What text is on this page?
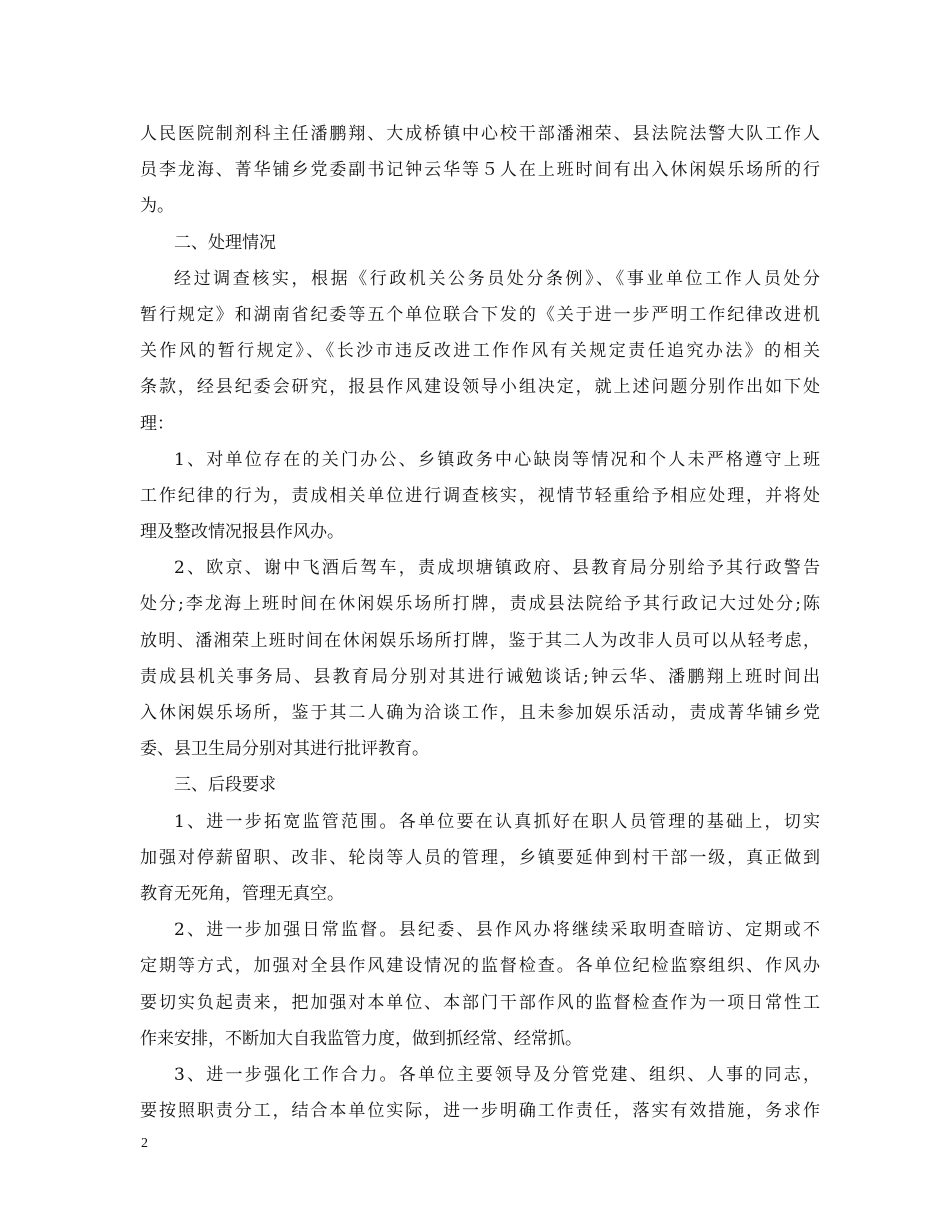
人民医院制剂科主任潘鹏翔、大成桥镇中心校干部潘湘荣、县法院法警大队工作人
员李龙海、菁华铺乡党委副书记钟云华等５人在上班时间有出入休闲娱乐场所的行
为。
二、处理情况
经过调查核实，根据《行政机关公务员处分条例》、《事业单位工作人员处分
暂行规定》和湖南省纪委等五个单位联合下发的《关于进一步严明工作纪律改进机
关作风的暂行规定》、《长沙市违反改进工作作风有关规定责任追究办法》的相关
条款，经县纪委会研究，报县作风建设领导小组决定，就上述问题分别作出如下处
理：
1、对单位存在的关门办公、乡镇政务中心缺岗等情况和个人未严格遵守上班
工作纪律的行为，责成相关单位进行调查核实，视情节轻重给予相应处理，并将处
理及整改情况报县作风办。
2、欧京、谢中飞酒后驾车，责成坝塘镇政府、县教育局分别给予其行政警告
处分;李龙海上班时间在休闲娱乐场所打牌，责成县法院给予其行政记大过处分;陈
放明、潘湘荣上班时间在休闲娱乐场所打牌，鉴于其二人为改非人员可以从轻考虑，
责成县机关事务局、县教育局分别对其进行诫勉谈话;钟云华、潘鹏翔上班时间出
入休闲娱乐场所，鉴于其二人确为洽谈工作，且未参加娱乐活动，责成菁华铺乡党
委、县卫生局分别对其进行批评教育。
三、后段要求
1、进一步拓宽监管范围。各单位要在认真抓好在职人员管理的基础上，切实
加强对停薪留职、改非、轮岗等人员的管理，乡镇要延伸到村干部一级，真正做到
教育无死角，管理无真空。
2、进一步加强日常监督。县纪委、县作风办将继续采取明查暗访、定期或不
定期等方式，加强对全县作风建设情况的监督检查。各单位纪检监察组织、作风办
要切实负起责来，把加强对本单位、本部门干部作风的监督检查作为一项日常性工
作来安排，不断加大自我监管力度，做到抓经常、经常抓。
3、进一步强化工作合力。各单位主要领导及分管党建、组织、人事的同志，
要按照职责分工，结合本单位实际，进一步明确工作责任，落实有效措施，务求作
2
